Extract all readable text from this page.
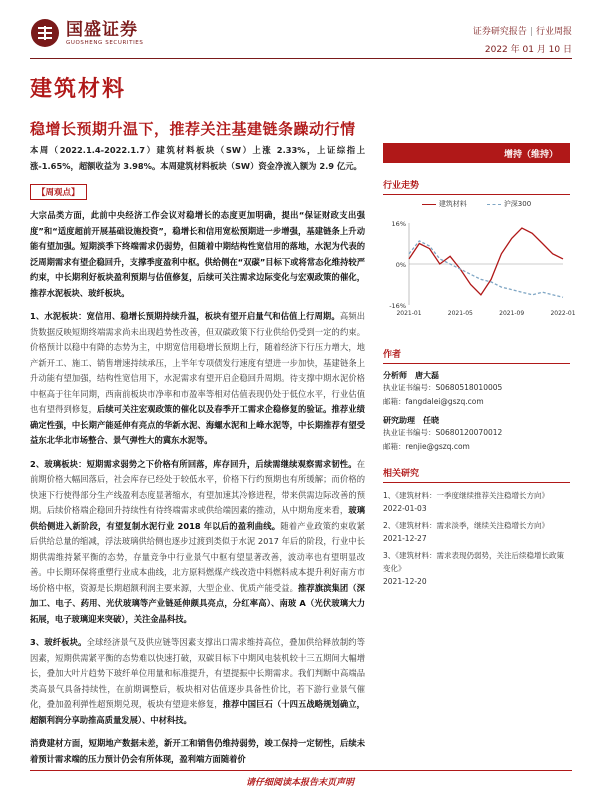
国盛证券
GUOSHENG SECURITIES
证券研究报告 | 行业周报
2022 年 01 月 10 日
建筑材料
稳增长预期升温下，推荐关注基建链条躁动行情
本周（2022.1.4-2022.1.7）建筑材料板块（SW）上涨 2.33%，上证综指上涨-1.65%，超额收益为 3.98%。本周建筑材料板块（SW）资金净流入额为 2.9 亿元。
【周观点】
大宗品类方面，此前中央经济工作会议对稳增长的态度更加明确，提出“保证财政支出强度”和“适度超前开展基础设施投资”，稳增长和信用宽松预期进一步增强，基建链条上升动能有望加强。短期淡季下终端需求仍弱势，但随着中期结构性宽信用的落地，水泥为代表的泛周期需求有望企稳回升，支撑季度盈利中枢。供给侧在“双碳”目标下或将常态化维持较严约束，中长期利好板块盈利预期与估值修复，后续可关注需求边际变化与宏观政策的催化，推荐水泥板块、玻纤板块。
1、水泥板块：宽信用、稳增长预期持续升温，板块有望开启量气和估值上行周期。高频出货数据反映短期终端需求尚未出现趋势性改善，但双碳政策下行业供给仍受到一定的约束。价格预计以稳中有降的态势为主，中期宽信用稳增长预期上行，随着经济下行压力增大，地产新开工、施工、销售增速持续承压，上半年专项债发行速度有望进一步加快，基建链条上升动能有望加强，结构性宽信用下，水泥需求有望开启企稳回升周期。待支撑中期水泥价格中枢高于往年同期，西南前板块市净率和市盈率等相对估值表现仍处于低位水平，行业估值也有望得到修复，后续可关注宏观政策的催化以及春季开工需求企稳修复的验证。推荐业绩确定性强，中长期产能延伸有亮点的华新水泥、海螺水泥和上峰水泥等，中长期推荐有望受益东北华北市场整合、景气弹性大的冀东水泥等。
2、玻璃板块：短期需求弱势之下价格有所回落，库存回升，后续需继续观察需求韧性。在前期价格大幅回落后，社会库存已经处于较低水平，价格下行约预期也有所缓解；而价格的快速下行使得部分生产线盈利态度显著缩水，有望加速其冷修进程，带来供需边际改善的预期。后续价格端企稳回升持续性有待终端需求或供给端因素的推动，从中期角度来看，玻璃供给侧进入新阶段，有望复制水泥行业 2018 年以后的盈利曲线。随着产业政策约束收紧后供给总量的缩减，浮法玻璃供给侧也逐步过渡到类似于水泥 2017 年后的阶段，行业中长期供需维持紧平衡的态势，存量竞争中行业景气中枢有望显著改善，波动率也有望明显改善。中长期环保将重塑行业成本曲线，北方原料燃煤产线改造中料燃料成本提升利好南方市场价格中枢，资源是长期超额利润主要来源，大型企业、优质产能受益。推荐旗滨集团（深加工、电子、药用、光伏玻璃等产业链延伸颇具亮点，分红率高）、南玻 A（光伏玻璃大力拓展，电子玻璃迎来突破），关注金晶科技。
3、玻纤板块。全球经济景气及供应链等因素支撑出口需求维持高位，叠加供给释放制约等因素，短期供需紧平衡的态势难以快速打破，双碳目标下中期风电装机较十三五期间大幅增长，叠加大叶片趋势下玻纤单位用量和标准提升，有望提振中长期需求。我们判断中高端品类高景气具备持续性，在前期调整后，板块相对估值逐步具备性价比，若下游行业景气催化，叠加盈利弹性超预期兑现，板块有望迎来修复，推荐中国巨石（十四五战略规划确立，超额利润分享助推高质量发展）、中材科技。
消费建材方面，短期地产数据未差，新开工和销售仍维持弱势，竣工保持一定韧性，后续未着预计需求端的压力预计仍会有所体现，盈利端方面随着价
增持（维持）
行业走势
建筑材料	沪深300
16%
0%
-16%
2021-01	2021-05	2021-09	2022-01
作者
分析师　 唐大磊
执业证书编号：S0680518010005
邮箱：fangdalei@gszq.com
研究助理　 任晓
执业证书编号：S0680120070012
邮箱：renjie@gszq.com
相关研究
1、《建筑材料：一季度继续推荐关注稳增长方向》
2022-01-03
2、《建筑材料：需求淡季，继续关注稳增长方向》
2021-12-27
3、《建筑材料：需求表现仍弱势，关注后续稳增长政策变化》
2021-12-20
请仔细阅读本报告末页声明
